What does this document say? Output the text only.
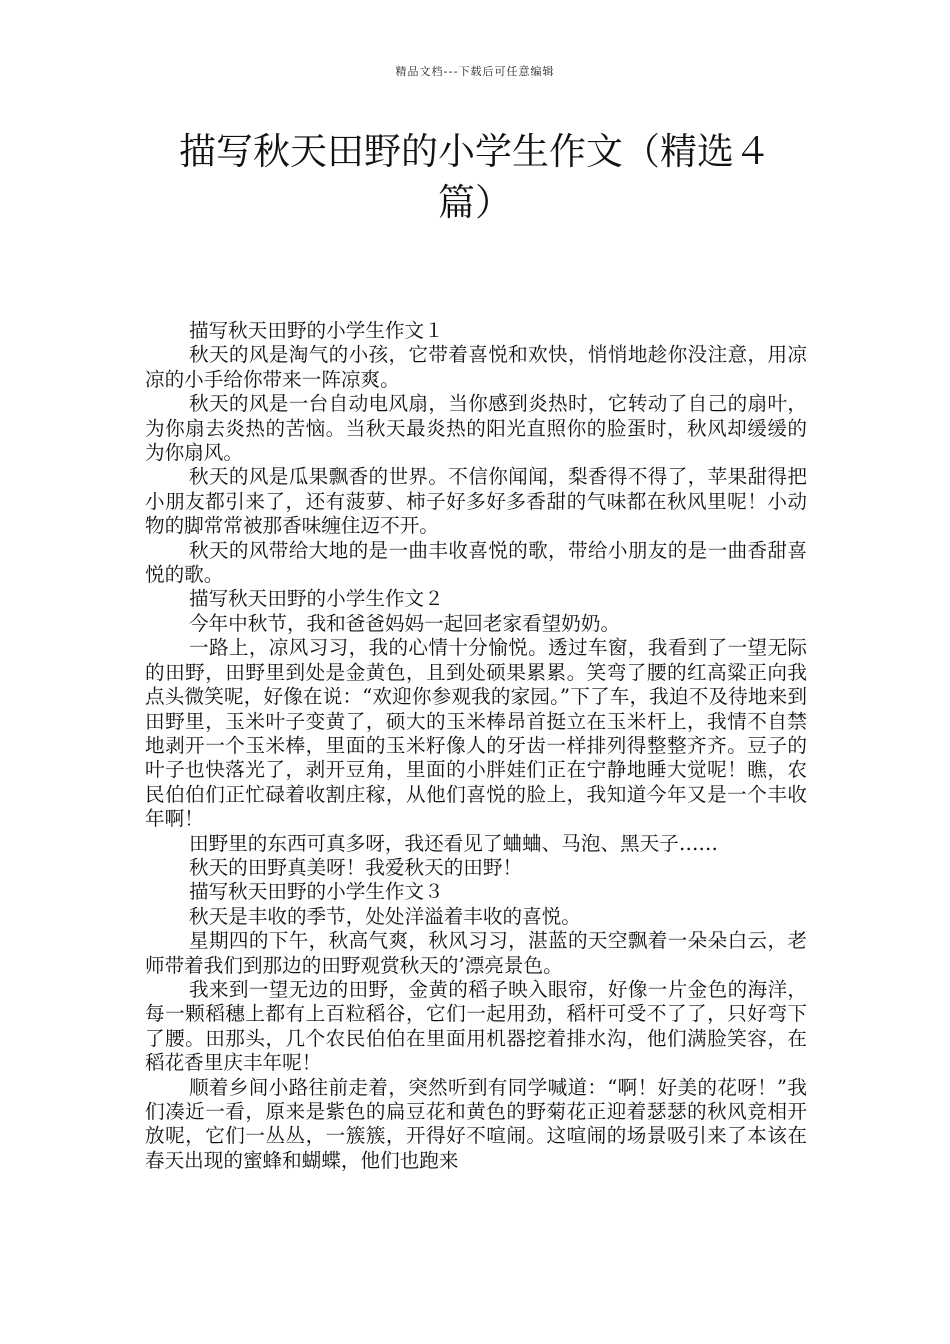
精品文档---下载后可任意编辑
描写秋天田野的小学生作文（精选４篇）

描写秋天田野的小学生作文１

秋天的风是淘气的小孩，它带着喜悦和欢快，悄悄地趁你没注意，用凉凉的小手给你带来一阵凉爽。

秋天的风是一台自动电风扇，当你感到炎热时，它转动了自己的扇叶，为你扇去炎热的苦恼。当秋天最炎热的阳光直照你的脸蛋时，秋风却缓缓的为你扇风。

秋天的风是瓜果飘香的世界。不信你闻闻，梨香得不得了，苹果甜得把小朋友都引来了，还有菠萝、柿子好多好多香甜的气味都在秋风里呢！小动物的脚常常被那香味缠住迈不开。

秋天的风带给大地的是一曲丰收喜悦的歌，带给小朋友的是一曲香甜喜悦的歌。

描写秋天田野的小学生作文２

今年中秋节，我和爸爸妈妈一起回老家看望奶奶。

一路上，凉风习习，我的心情十分愉悦。透过车窗，我看到了一望无际的田野，田野里到处是金黄色，且到处硕果累累。笑弯了腰的红高粱正向我点头微笑呢，好像在说：“欢迎你参观我的家园。”下了车，我迫不及待地来到田野里，玉米叶子变黄了，硕大的玉米棒昂首挺立在玉米杆上，我情不自禁地剥开一个玉米棒，里面的玉米籽像人的牙齿一样排列得整整齐齐。豆子的叶子也快落光了，剥开豆角，里面的小胖娃们正在宁静地睡大觉呢！瞧，农民伯伯们正忙碌着收割庄稼，从他们喜悦的脸上，我知道今年又是一个丰收年啊！

田野里的东西可真多呀，我还看见了蛐蛐、马泡、黑天子……

秋天的田野真美呀！我爱秋天的田野！

描写秋天田野的小学生作文３

秋天是丰收的季节，处处洋溢着丰收的喜悦。

星期四的下午，秋高气爽，秋风习习，湛蓝的天空飘着一朵朵白云，老师带着我们到那边的田野观赏秋天的’漂亮景色。

我来到一望无边的田野，金黄的稻子映入眼帘，好像一片金色的海洋，每一颗稻穗上都有上百粒稻谷，它们一起用劲，稻杆可受不了了，只好弯下了腰。田那头，几个农民伯伯在里面用机器挖着排水沟，他们满脸笑容，在稻花香里庆丰年呢！

顺着乡间小路往前走着，突然听到有同学喊道：“啊！好美的花呀！”我们凑近一看，原来是紫色的扁豆花和黄色的野菊花正迎着瑟瑟的秋风竞相开放呢，它们一丛丛，一簇簇，开得好不喧闹。这喧闹的场景吸引来了本该在春天出现的蜜蜂和蝴蝶，他们也跑来
